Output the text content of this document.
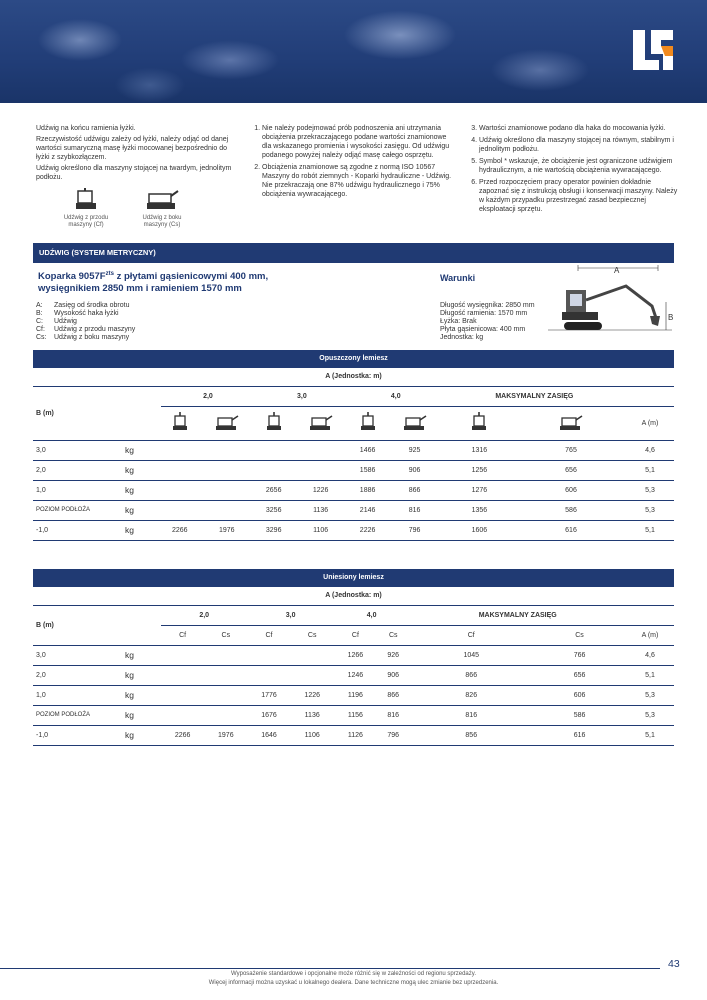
Udźwig na końcu ramienia łyżki.

Rzeczywistość udźwigu zależy od łyżki, należy odjąć od danej wartości sumaryczną masę łyżki mocowanej bezpośrednio do łyżki z szybkozłączem.

Udźwig określono dla maszyny stojącej na twardym, jednolitym podłożu.

Udźwig z przodu maszyny (Cf)
Udźwig z boku maszyny (Cs)
1. Nie należy podejmować prób podnoszenia ani utrzymania obciążenia przekraczającego podane wartości znamionowe dla wskazanego promienia i wysokości zasięgu. Od udźwigu podanego powyżej należy odjąć masę całego osprzętu.
2. Obciążenia znamionowe są zgodne z normą ISO 10567 Maszyny do robót ziemnych - Koparki hydrauliczne - Udźwig. Nie przekraczają one 87% udźwigu hydraulicznego i 75% obciążenia wywracającego.
3. Wartości znamionowe podano dla haka do mocowania łyżki.
4. Udźwig określono dla maszyny stojącej na równym, stabilnym i jednolitym podłożu.
5. Symbol * wskazuje, że obciążenie jest ograniczone udźwigiem hydraulicznym, a nie wartością obciążenia wywracającego.
6. Przed rozpoczęciem pracy operator powinien dokładnie zapoznać się z instrukcją obsługi i konserwacji maszyny. Należy w każdym przypadku przestrzegać zasad bezpiecznej eksploatacji sprzętu.
UDŹWIG (SYSTEM METRYCZNY)
Koparka $9057F^{zts}$ z płytami gąsienicowymi 400 mm,
wysięgnikiem 2850 mm i ramieniem 1570 mm
A:	Zasięg od środka obrotu
B:	Wysokość haka łyżki
C:	Udźwig
Cf:	Udźwig z przodu maszyny
Cs:	Udźwig z boku maszyny
Warunki
Długość wysięgnika: 2850 mm
Długość ramienia: 1570 mm
Łyżka: Brak
Płyta gąsienicowa: 400 mm
Jednostka: kg
A
B
Opuszczony lemiesz
A (Jednostka: m)										
B (m)		2,0		3,0		4,0		MAKSYMALNY ZASIĘG		
								A (m)
3,0	kg					1466	925	1316	765	4,6
2,0	kg					1586	906	1256	656	5,1
1,0	kg			2656	1226	1886	866	1276	606	5,3
POZIOM PODŁOŻA	kg			3256	1136	2146	816	1356	586	5,3
-1,0	kg	2266	1976	3296	1106	2226	796	1606	616	5,1
Uniesiony lemiesz
A (Jednostka: m)										
B (m)		2,0		3,0		4,0		MAKSYMALNY ZASIĘG		
		Cf	Cs	Cf	Cs	Cf	Cs	Cf	Cs	A (m)
3,0	kg					1266	926	1045	766	4,6
2,0	kg					1246	906	866	656	5,1
1,0	kg			1776	1226	1196	866	826	606	5,3
POZIOM PODŁOŻA	kg			1676	1136	1156	816	816	586	5,3
-1,0	kg	2266	1976	1646	1106	1126	796	856	616	5,1
43
Wyposażenie standardowe i opcjonalne może różnić się w zależności od regionu sprzedaży.
Więcej informacji można uzyskać u lokalnego dealera. Dane techniczne mogą ulec zmianie bez uprzedzenia.
